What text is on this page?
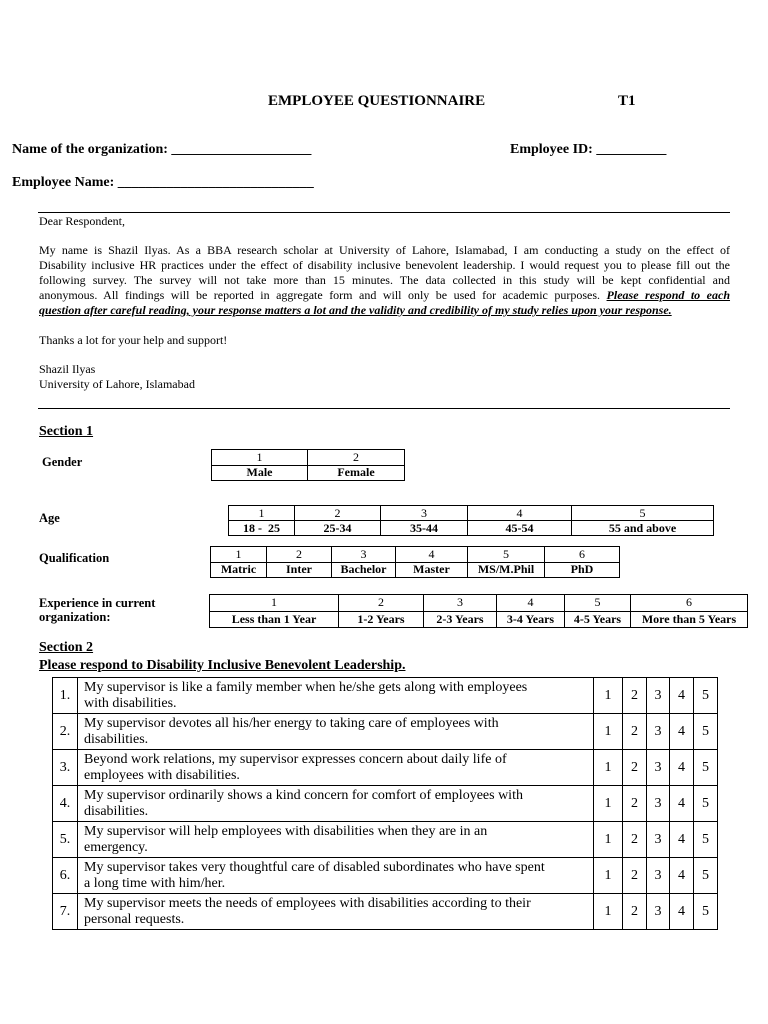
EMPLOYEE QUESTIONNAIRE	T1
Name of the organization: ____________________	Employee ID: __________
Employee Name: ____________________________
Dear Respondent,
My name is Shazil Ilyas. As a BBA research scholar at University of Lahore, Islamabad, I am conducting a study on the effect of
Disability inclusive HR practices under the effect of disability inclusive benevolent leadership. I would request you to please fill out the
following survey. The survey will not take more than 15 minutes. The data collected in this study will be kept confidential and
anonymous. All findings will be reported in aggregate form and will only be used for academic purposes. Please respond to each
question after careful reading, your response matters a lot and the validity and credibility of my study relies upon your response.
Thanks a lot for your help and support!
Shazil Ilyas
University of Lahore, Islamabad
Section 1
Gender	1	2
Male	Female
Age	1	2	3	4	5
18 -  25	25-34	35-44	45-54	55 and above
Qualification	1	2	3	4	5	6
Matric	Inter	Bachelor	Master	MS/M.Phil	PhD
Experience in current
organization:
1	2	3	4	5	6
Less than 1 Year	1-2 Years	2-3 Years	3-4 Years	4-5 Years	More than 5 Years
Section 2
Please respond to Disability Inclusive Benevolent Leadership.
1.	My supervisor is like a family member when he/she gets along with employees
with disabilities.	1	2	3	4	5
2.	My supervisor devotes all his/her energy to taking care of employees with
disabilities.	1	2	3	4	5
3.	Beyond work relations, my supervisor expresses concern about daily life of
employees with disabilities.	1	2	3	4	5
4.	My supervisor ordinarily shows a kind concern for comfort of employees with
disabilities.	1	2	3	4	5
5.	My supervisor will help employees with disabilities when they are in an
emergency.	1	2	3	4	5
6.	My supervisor takes very thoughtful care of disabled subordinates who have spent
a long time with him/her.	1	2	3	4	5
7.	My supervisor meets the needs of employees with disabilities according to their
personal requests.	1	2	3	4	5
